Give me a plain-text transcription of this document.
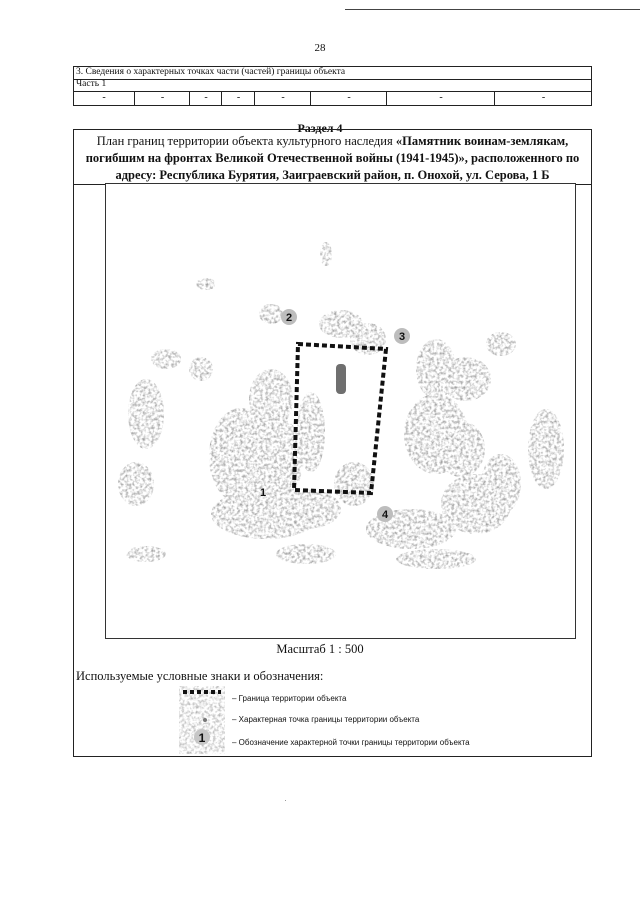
28
3. Сведения о характерных точках части (частей) границы объекта
Часть 1
-	-	-	-	-	-	-	-
Раздел 4
План границ территории объекта культурного наследия «Памятник воинам-землякам, погибшим на фронтах Великой Отечественной войны (1941-1945)», расположенного по адресу: Республика Бурятия, Заиграевский район, п. Онохой, ул. Серова, 1 Б
1
2
3
4
Масштаб 1 : 500
Используемые условные знаки и обозначения:
1
– Граница территории объекта
– Характерная точка границы территории объекта
– Обозначение характерной точки границы территории объекта
